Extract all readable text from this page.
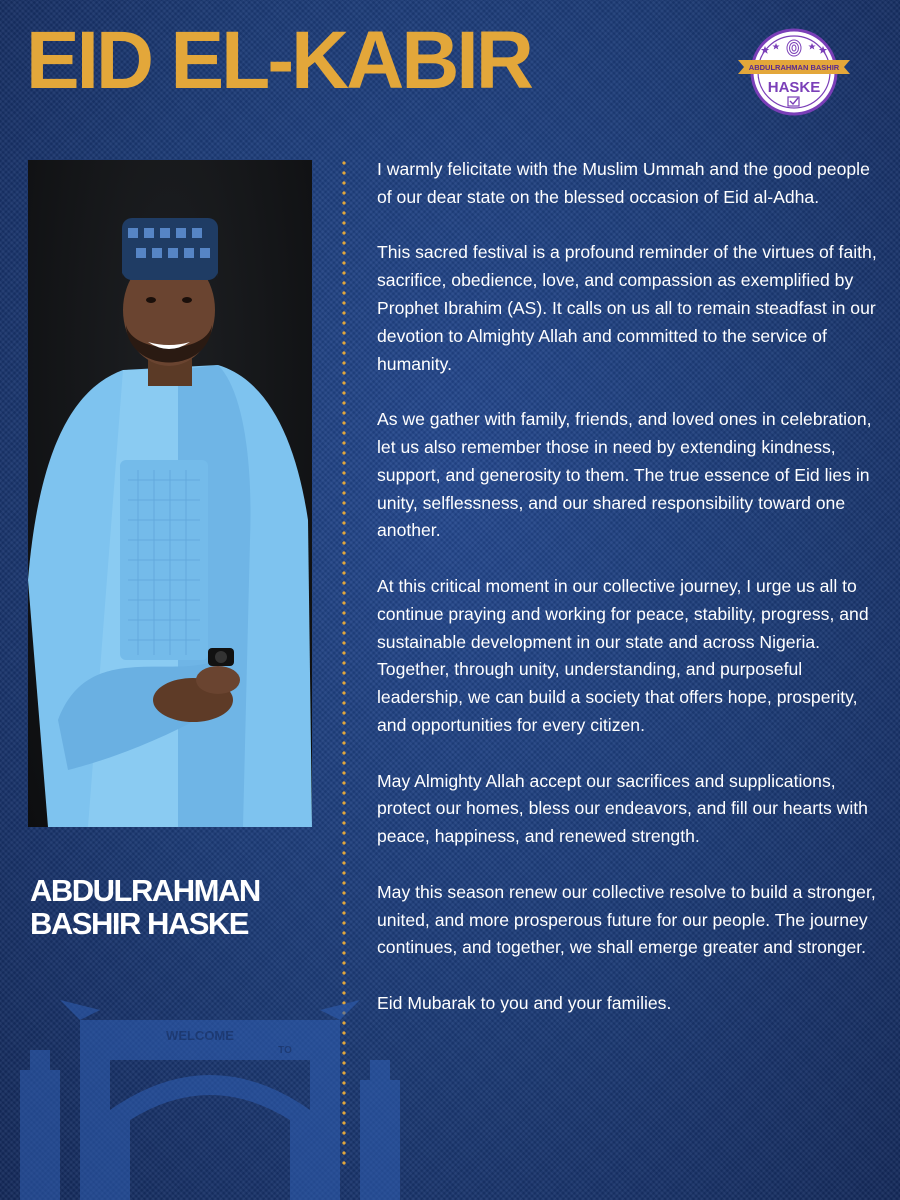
EID EL-KABIR	ABDULRAHMAN BASHIR
HASKE
ABDULRAHMAN BASHIR HASKE

I warmly felicitate with the Muslim Ummah and the good people of our dear state on the blessed occasion of Eid al-Adha.

This sacred festival is a profound reminder of the virtues of faith, sacrifice, obedience, love, and compassion as exemplified by Prophet Ibrahim (AS). It calls on us all to remain steadfast in our devotion to Almighty Allah and committed to the service of humanity.

As we gather with family, friends, and loved ones in celebration, let us also remember those in need by extending kindness, support, and generosity to them. The true essence of Eid lies in unity, selflessness, and our shared responsibility toward one another.

At this critical moment in our collective journey, I urge us all to continue praying and working for peace, stability, progress, and sustainable development in our state and across Nigeria. Together, through unity, understanding, and purposeful leadership, we can build a society that offers hope, prosperity, and opportunities for every citizen.

May Almighty Allah accept our sacrifices and supplications, protect our homes, bless our endeavors, and fill our hearts with peace, happiness, and renewed strength.

May this season renew our collective resolve to build a stronger, united, and more prosperous future for our people. The journey continues, and together, we shall emerge greater and stronger.

Eid Mubarak to you and your families.

WELCOME
TO
